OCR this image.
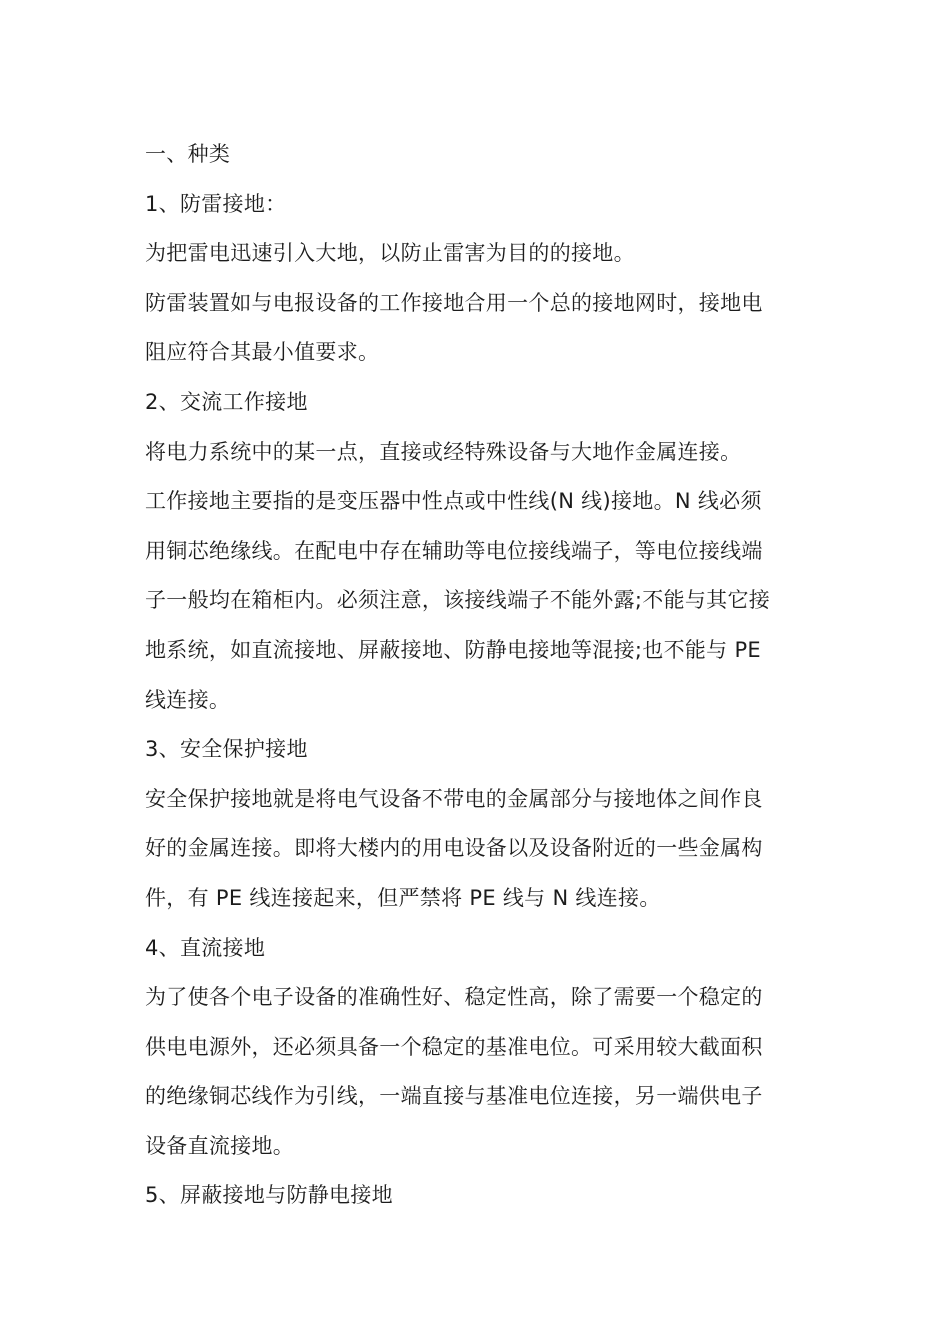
一、种类
1、防雷接地：
为把雷电迅速引入大地，以防止雷害为目的的接地。
防雷装置如与电报设备的工作接地合用一个总的接地网时，接地电
阻应符合其最小值要求。
2、交流工作接地
将电力系统中的某一点，直接或经特殊设备与大地作金属连接。
工作接地主要指的是变压器中性点或中性线(N 线)接地。N 线必须
用铜芯绝缘线。在配电中存在辅助等电位接线端子，等电位接线端
子一般均在箱柜内。必须注意，该接线端子不能外露;不能与其它接
地系统，如直流接地、屏蔽接地、防静电接地等混接;也不能与 PE
线连接。
3、安全保护接地
安全保护接地就是将电气设备不带电的金属部分与接地体之间作良
好的金属连接。即将大楼内的用电设备以及设备附近的一些金属构
件，有 PE 线连接起来，但严禁将 PE 线与 N 线连接。
4、直流接地
为了使各个电子设备的准确性好、稳定性高，除了需要一个稳定的
供电电源外，还必须具备一个稳定的基准电位。可采用较大截面积
的绝缘铜芯线作为引线，一端直接与基准电位连接，另一端供电子
设备直流接地。
5、屏蔽接地与防静电接地
